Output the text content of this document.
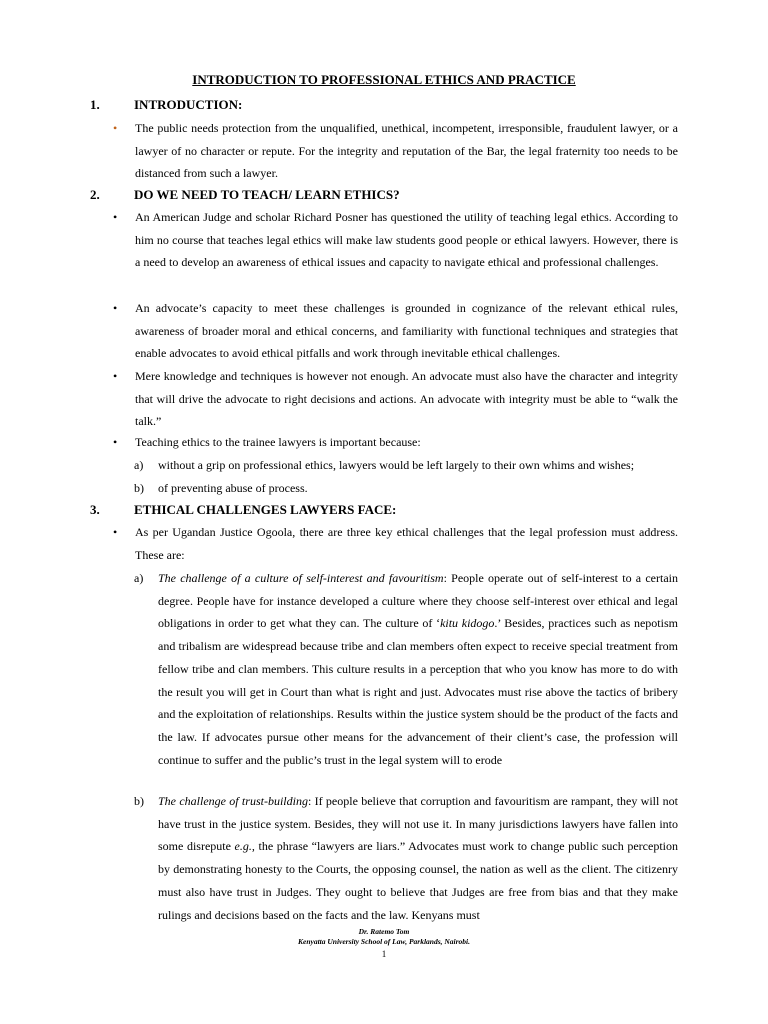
INTRODUCTION TO PROFESSIONAL ETHICS AND PRACTICE
1.	INTRODUCTION:
• The public needs protection from the unqualified, unethical, incompetent, irresponsible, fraudulent lawyer, or a lawyer of no character or repute. For the integrity and reputation of the Bar, the legal fraternity too needs to be distanced from such a lawyer.
2.	DO WE NEED TO TEACH/ LEARN ETHICS?
• An American Judge and scholar Richard Posner has questioned the utility of teaching legal ethics. According to him no course that teaches legal ethics will make law students good people or ethical lawyers. However, there is a need to develop an awareness of ethical issues and capacity to navigate ethical and professional challenges.
• An advocate’s capacity to meet these challenges is grounded in cognizance of the relevant ethical rules, awareness of broader moral and ethical concerns, and familiarity with functional techniques and strategies that enable advocates to avoid ethical pitfalls and work through inevitable ethical challenges.
• Mere knowledge and techniques is however not enough. An advocate must also have the character and integrity that will drive the advocate to right decisions and actions. An advocate with integrity must be able to “walk the talk.”
• Teaching ethics to the trainee lawyers is important because:
a) without a grip on professional ethics, lawyers would be left largely to their own whims and wishes;
b) of preventing abuse of process.
3.	ETHICAL CHALLENGES LAWYERS FACE:
• As per Ugandan Justice Ogoola, there are three key ethical challenges that the legal profession must address. These are:
a) The challenge of a culture of self-interest and favouritism: People operate out of self-interest to a certain degree. People have for instance developed a culture where they choose self-interest over ethical and legal obligations in order to get what they can. The culture of ‘kitu kidogo.’ Besides, practices such as nepotism and tribalism are widespread because tribe and clan members often expect to receive special treatment from fellow tribe and clan members. This culture results in a perception that who you know has more to do with the result you will get in Court than what is right and just. Advocates must rise above the tactics of bribery and the exploitation of relationships. Results within the justice system should be the product of the facts and the law. If advocates pursue other means for the advancement of their client’s case, the profession will continue to suffer and the public’s trust in the legal system will to erode
b) The challenge of trust-building: If people believe that corruption and favouritism are rampant, they will not have trust in the justice system. Besides, they will not use it. In many jurisdictions lawyers have fallen into some disrepute e.g., the phrase “lawyers are liars.” Advocates must work to change public such perception by demonstrating honesty to the Courts, the opposing counsel, the nation as well as the client. The citizenry must also have trust in Judges. They ought to believe that Judges are free from bias and that they make rulings and decisions based on the facts and the law. Kenyans must
Dr. Ratemo Tom
Kenyatta University School of Law, Parklands, Nairobi.
1
